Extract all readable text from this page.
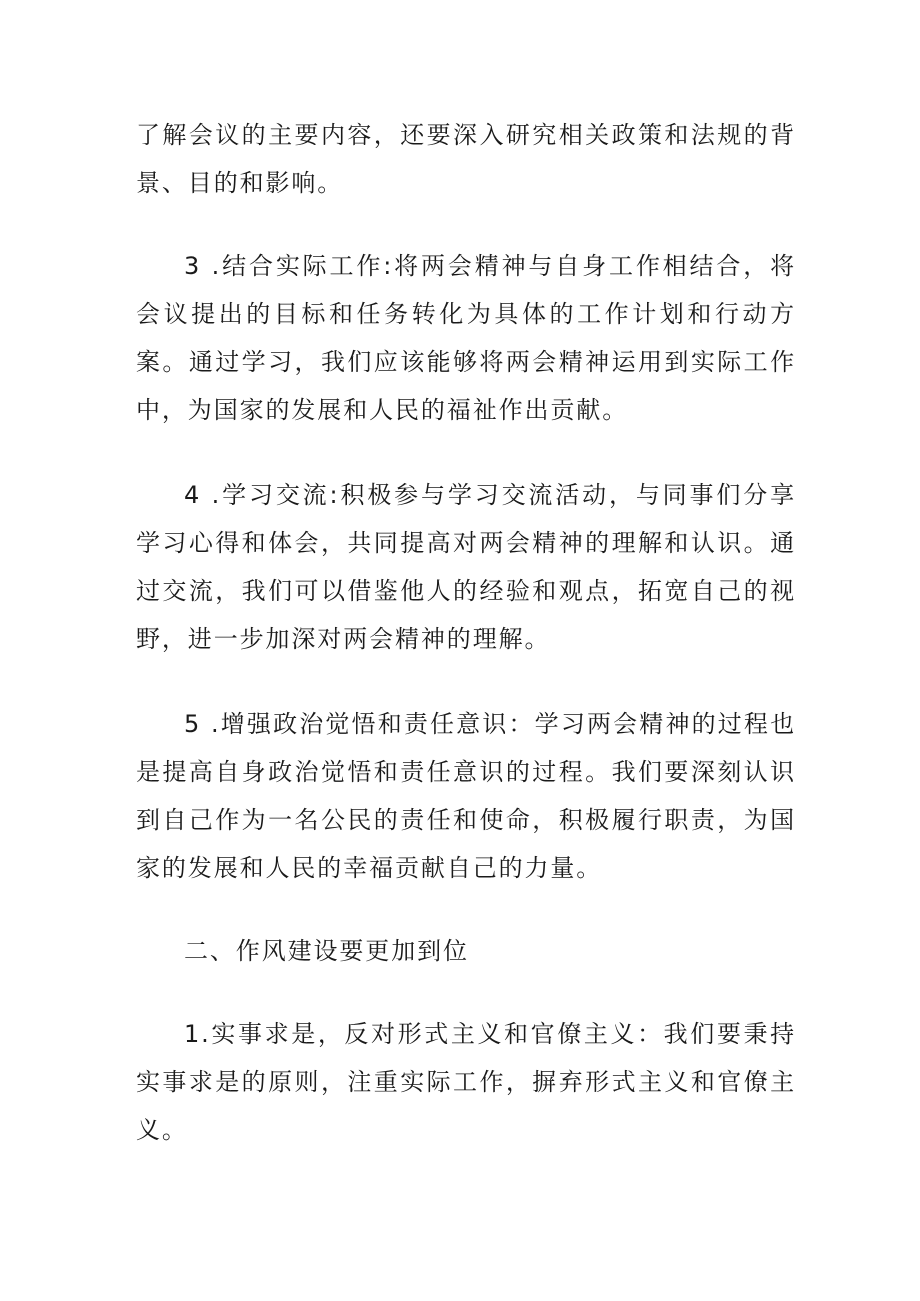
了解会议的主要内容，还要深入研究相关政策和法规的背景、目的和影响。

3 .结合实际工作:将两会精神与自身工作相结合，将会议提出的目标和任务转化为具体的工作计划和行动方案。通过学习，我们应该能够将两会精神运用到实际工作中，为国家的发展和人民的福祉作出贡献。

4 .学习交流:积极参与学习交流活动，与同事们分享学习心得和体会，共同提高对两会精神的理解和认识。通过交流，我们可以借鉴他人的经验和观点，拓宽自己的视野，进一步加深对两会精神的理解。

5 .增强政治觉悟和责任意识：学习两会精神的过程也是提高自身政治觉悟和责任意识的过程。我们要深刻认识到自己作为一名公民的责任和使命，积极履行职责，为国家的发展和人民的幸福贡献自己的力量。

二、作风建设要更加到位

1.实事求是，反对形式主义和官僚主义：我们要秉持实事求是的原则，注重实际工作，摒弃形式主义和官僚主义。
